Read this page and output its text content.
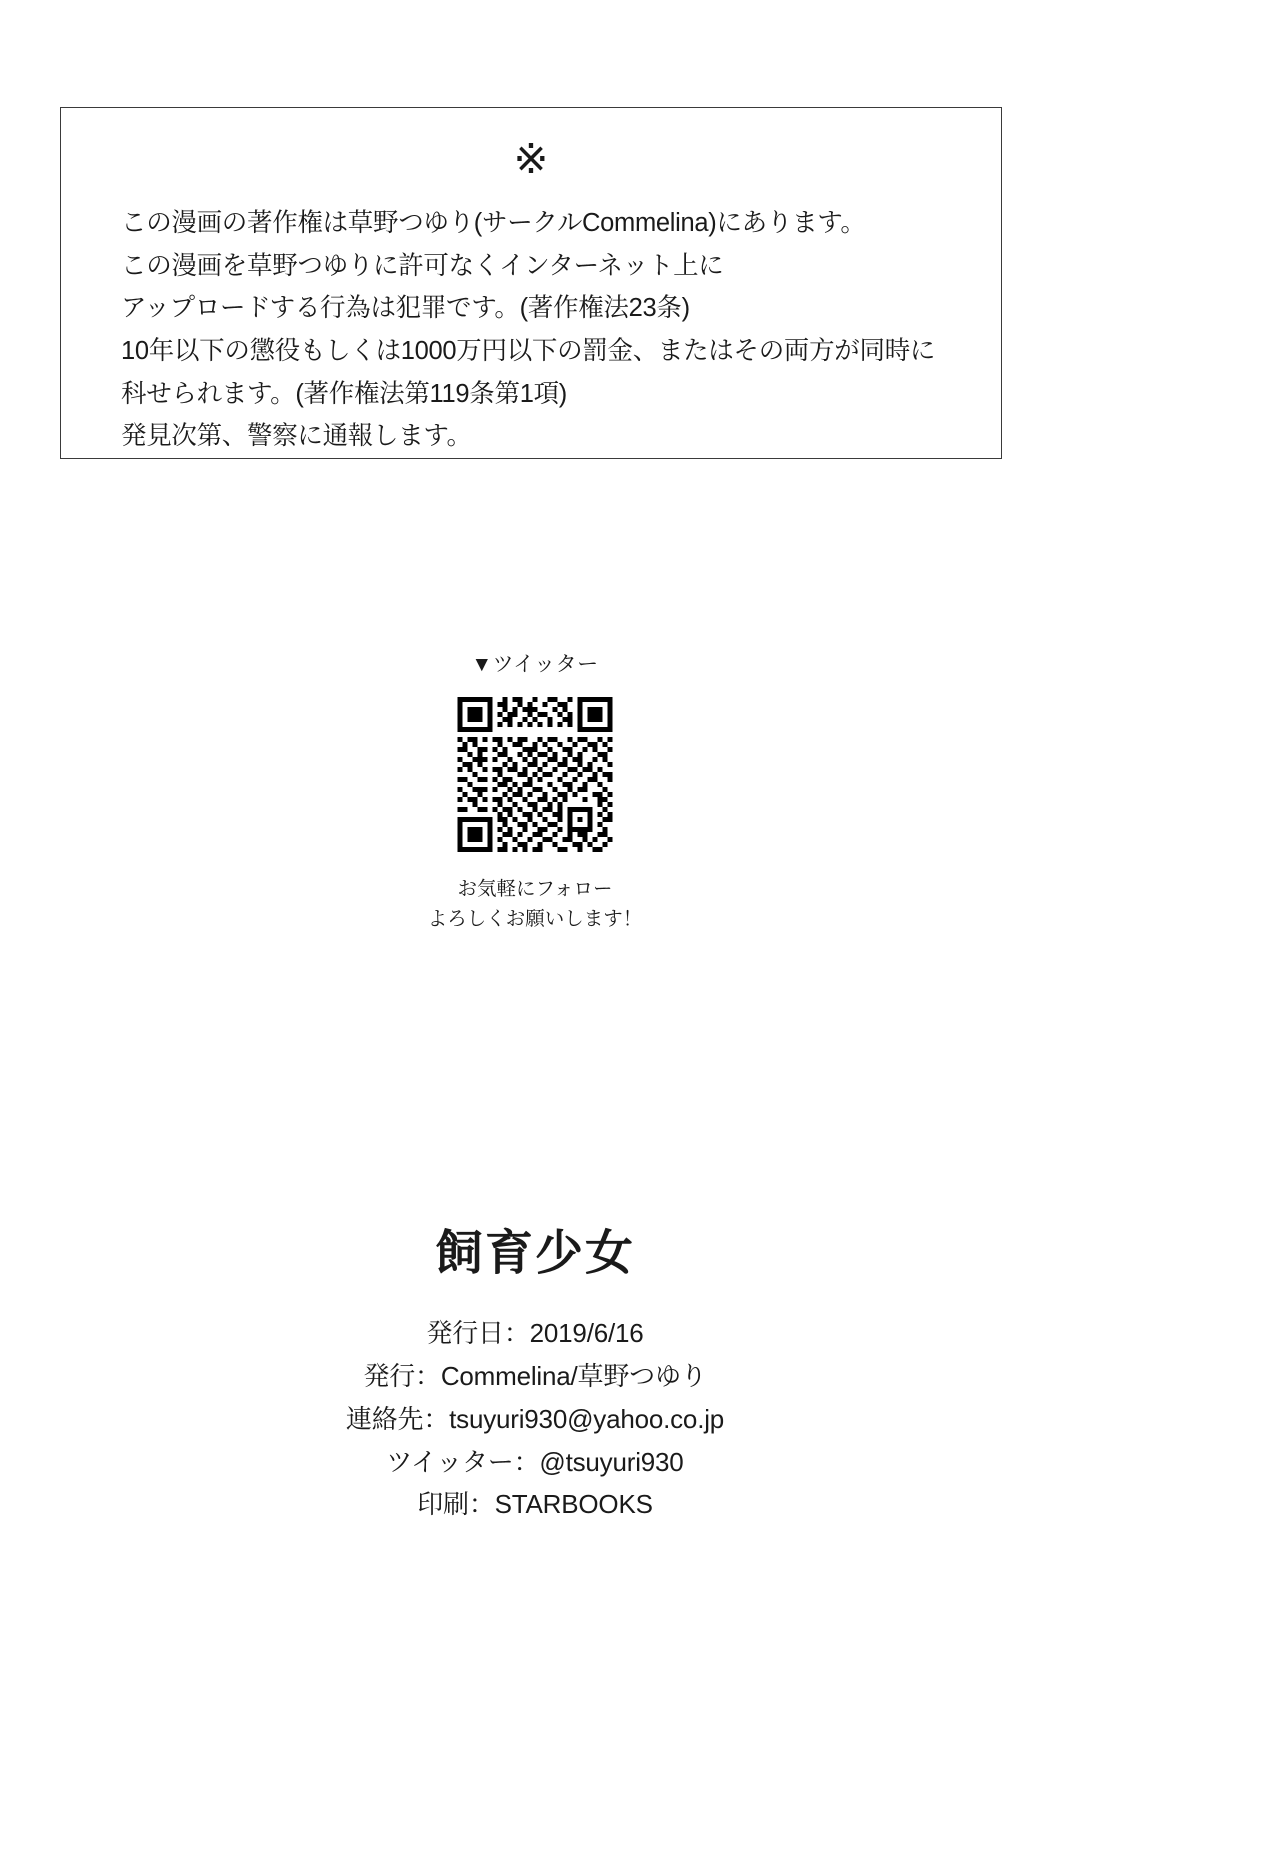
※

この漫画の著作権は草野つゆり(サークルCommelina)にあります。

この漫画を草野つゆりに許可なくインターネット上に

アップロードする行為は犯罪です。(著作権法23条)

10年以下の懲役もしくは1000万円以下の罰金、またはその両方が同時に

科せられます。(著作権法第119条第1項)

発見次第、警察に通報します。

▼ツイッター
お気軽にフォロー
よろしくお願いします！
飼育少女

発行日：2019/6/16

発行：Commelina/草野つゆり

連絡先：tsuyuri930@yahoo.co.jp

ツイッター：@tsuyuri930

印刷：STARBOOKS
